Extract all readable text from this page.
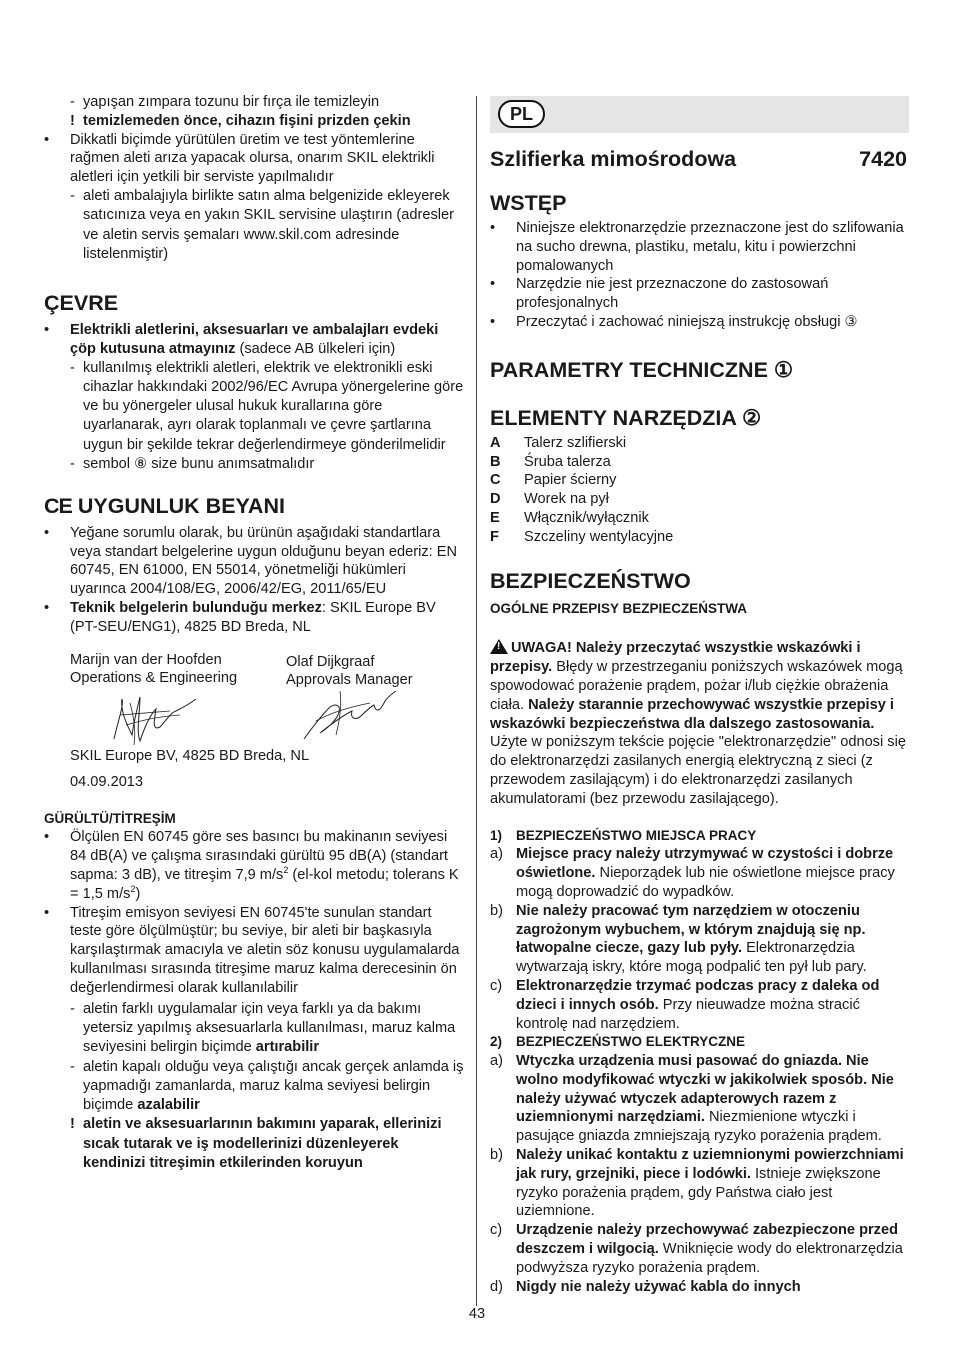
- yapışan zımpara tozunu bir fırça ile temizleyin
! temizlemeden önce, cihazın fişini prizden çekin
• Dikkatli biçimde yürütülen üretim ve test yöntemlerine rağmen aleti arıza yapacak olursa, onarım SKIL elektrikli aletleri için yetkili bir serviste yapılmalıdır
- aleti ambalajıyla birlikte satın alma belgenizide ekleyerek satıcınıza veya en yakın SKIL servisine ulaştırın (adresler ve aletin servis şemaları www.skil.com adresinde listelenmiştir)
ÇEVRE
• Elektrikli aletlerini, aksesuarları ve ambalajları evdeki çöp kutusuna atmayınız (sadece AB ülkeleri için)
- kullanılmış elektrikli aletleri, elektrik ve elektronikli eski cihazlar hakkındaki 2002/96/EC Avrupa yönergelerine göre ve bu yönergeler ulusal hukuk kurallarına göre uyarlanarak, ayrı olarak toplanmalı ve çevre şartlarına uygun bir şekilde tekrar değerlendirmeye gönderilmelidir
- sembol ⑧ size bunu anımsatmalıdır
CE UYGUNLUK BEYANI
• Yeğane sorumlu olarak, bu ürünün aşağıdaki standartlara veya standart belgelerine uygun olduğunu beyan ederiz: EN 60745, EN 61000, EN 55014, yönetmeliği hükümleri uyarınca 2004/108/EG, 2006/42/EG, 2011/65/EU
• Teknik belgelerin bulunduğu merkez: SKIL Europe BV (PT-SEU/ENG1), 4825 BD Breda, NL
Marijn van der Hoofden
Operations & Engineering
Olaf Dijkgraaf
Approvals Manager
SKIL Europe BV, 4825 BD Breda, NL
04.09.2013
GÜRÜLTÜ/TİTREŞİM
• Ölçülen EN 60745 göre ses basıncı bu makinanın seviyesi 84 dB(A) ve çalışma sırasındaki gürültü 95 dB(A) (standart sapma: 3 dB), ve titreşim 7,9 $m/s^2$ (el-kol metodu; tolerans K = 1,5 $m/s^2$)
• Titreşim emisyon seviyesi EN 60745'te sunulan standart teste göre ölçülmüştür; bu seviye, bir aleti bir başkasıyla karşılaştırmak amacıyla ve aletin söz konusu uygulamalarda kullanılması sırasında titreşime maruz kalma derecesinin ön değerlendirmesi olarak kullanılabilir
- aletin farklı uygulamalar için veya farklı ya da bakımı yetersiz yapılmış aksesuarlarla kullanılması, maruz kalma seviyesini belirgin biçimde artırabilir
- aletin kapalı olduğu veya çalıştığı ancak gerçek anlamda iş yapmadığı zamanlarda, maruz kalma seviyesi belirgin biçimde azalabilir
! aletin ve aksesuarlarının bakımını yaparak, ellerinizi sıcak tutarak ve iş modellerinizi düzenleyerek kendinizi titreşimin etkilerinden koruyun
PL
Szlifierka mimośrodowa	7420
WSTĘP
• Niniejsze elektronarzędzie przeznaczone jest do szlifowania na sucho drewna, plastiku, metalu, kitu i powierzchni pomalowanych
• Narzędzie nie jest przeznaczone do zastosowań profesjonalnych
• Przeczytać i zachować niniejszą instrukcję obsługi ③
PARAMETRY TECHNICZNE ①
ELEMENTY NARZĘDZIA ②
A Talerz szlifierski
B Śruba talerza
C Papier ścierny
D Worek na pył
E Włącznik/wyłącznik
F Szczeliny wentylacyjne
BEZPIECZEŃSTWO
OGÓLNE PRZEPISY BEZPIECZEŃSTWA
!UWAGA! Należy przeczytać wszystkie wskazówki i przepisy. Błędy w przestrzeganiu poniższych wskazówek mogą spowodować porażenie prądem, pożar i/lub ciężkie obrażenia ciała. Należy starannie przechowywać wszystkie przepisy i wskazówki bezpieczeństwa dla dalszego zastosowania. Użyte w poniższym tekście pojęcie "elektronarzędzie" odnosi się do elektronarzędzi zasilanych energią elektryczną z sieci (z przewodem zasilającym) i do elektronarzędzi zasilanych akumulatorami (bez przewodu zasilającego).
1) BEZPIECZEŃSTWO MIEJSCA PRACY
a) Miejsce pracy należy utrzymywać w czystości i dobrze oświetlone. Nieporządek lub nie oświetlone miejsce pracy mogą doprowadzić do wypadków.
b) Nie należy pracować tym narzędziem w otoczeniu zagrożonym wybuchem, w którym znajdują się np. łatwopalne ciecze, gazy lub pyły. Elektronarzędzia wytwarzają iskry, które mogą podpalić ten pył lub pary.
c) Elektronarzędzie trzymać podczas pracy z daleka od dzieci i innych osób. Przy nieuwadze można stracić kontrolę nad narzędziem.
2) BEZPIECZEŃSTWO ELEKTRYCZNE
a) Wtyczka urządzenia musi pasować do gniazda. Nie wolno modyfikować wtyczki w jakikolwiek sposób. Nie należy używać wtyczek adapterowych razem z uziemnionymi narzędziami. Niezmienione wtyczki i pasujące gniazda zmniejszają ryzyko porażenia prądem.
b) Należy unikać kontaktu z uziemnionymi powierzchniami jak rury, grzejniki, piece i lodówki. Istnieje zwiększone ryzyko porażenia prądem, gdy Państwa ciało jest uziemnione.
c) Urządzenie należy przechowywać zabezpieczone przed deszczem i wilgocią. Wniknięcie wody do elektronarzędzia podwyższa ryzyko porażenia prądem.
d) Nigdy nie należy używać kabla do innych
43
